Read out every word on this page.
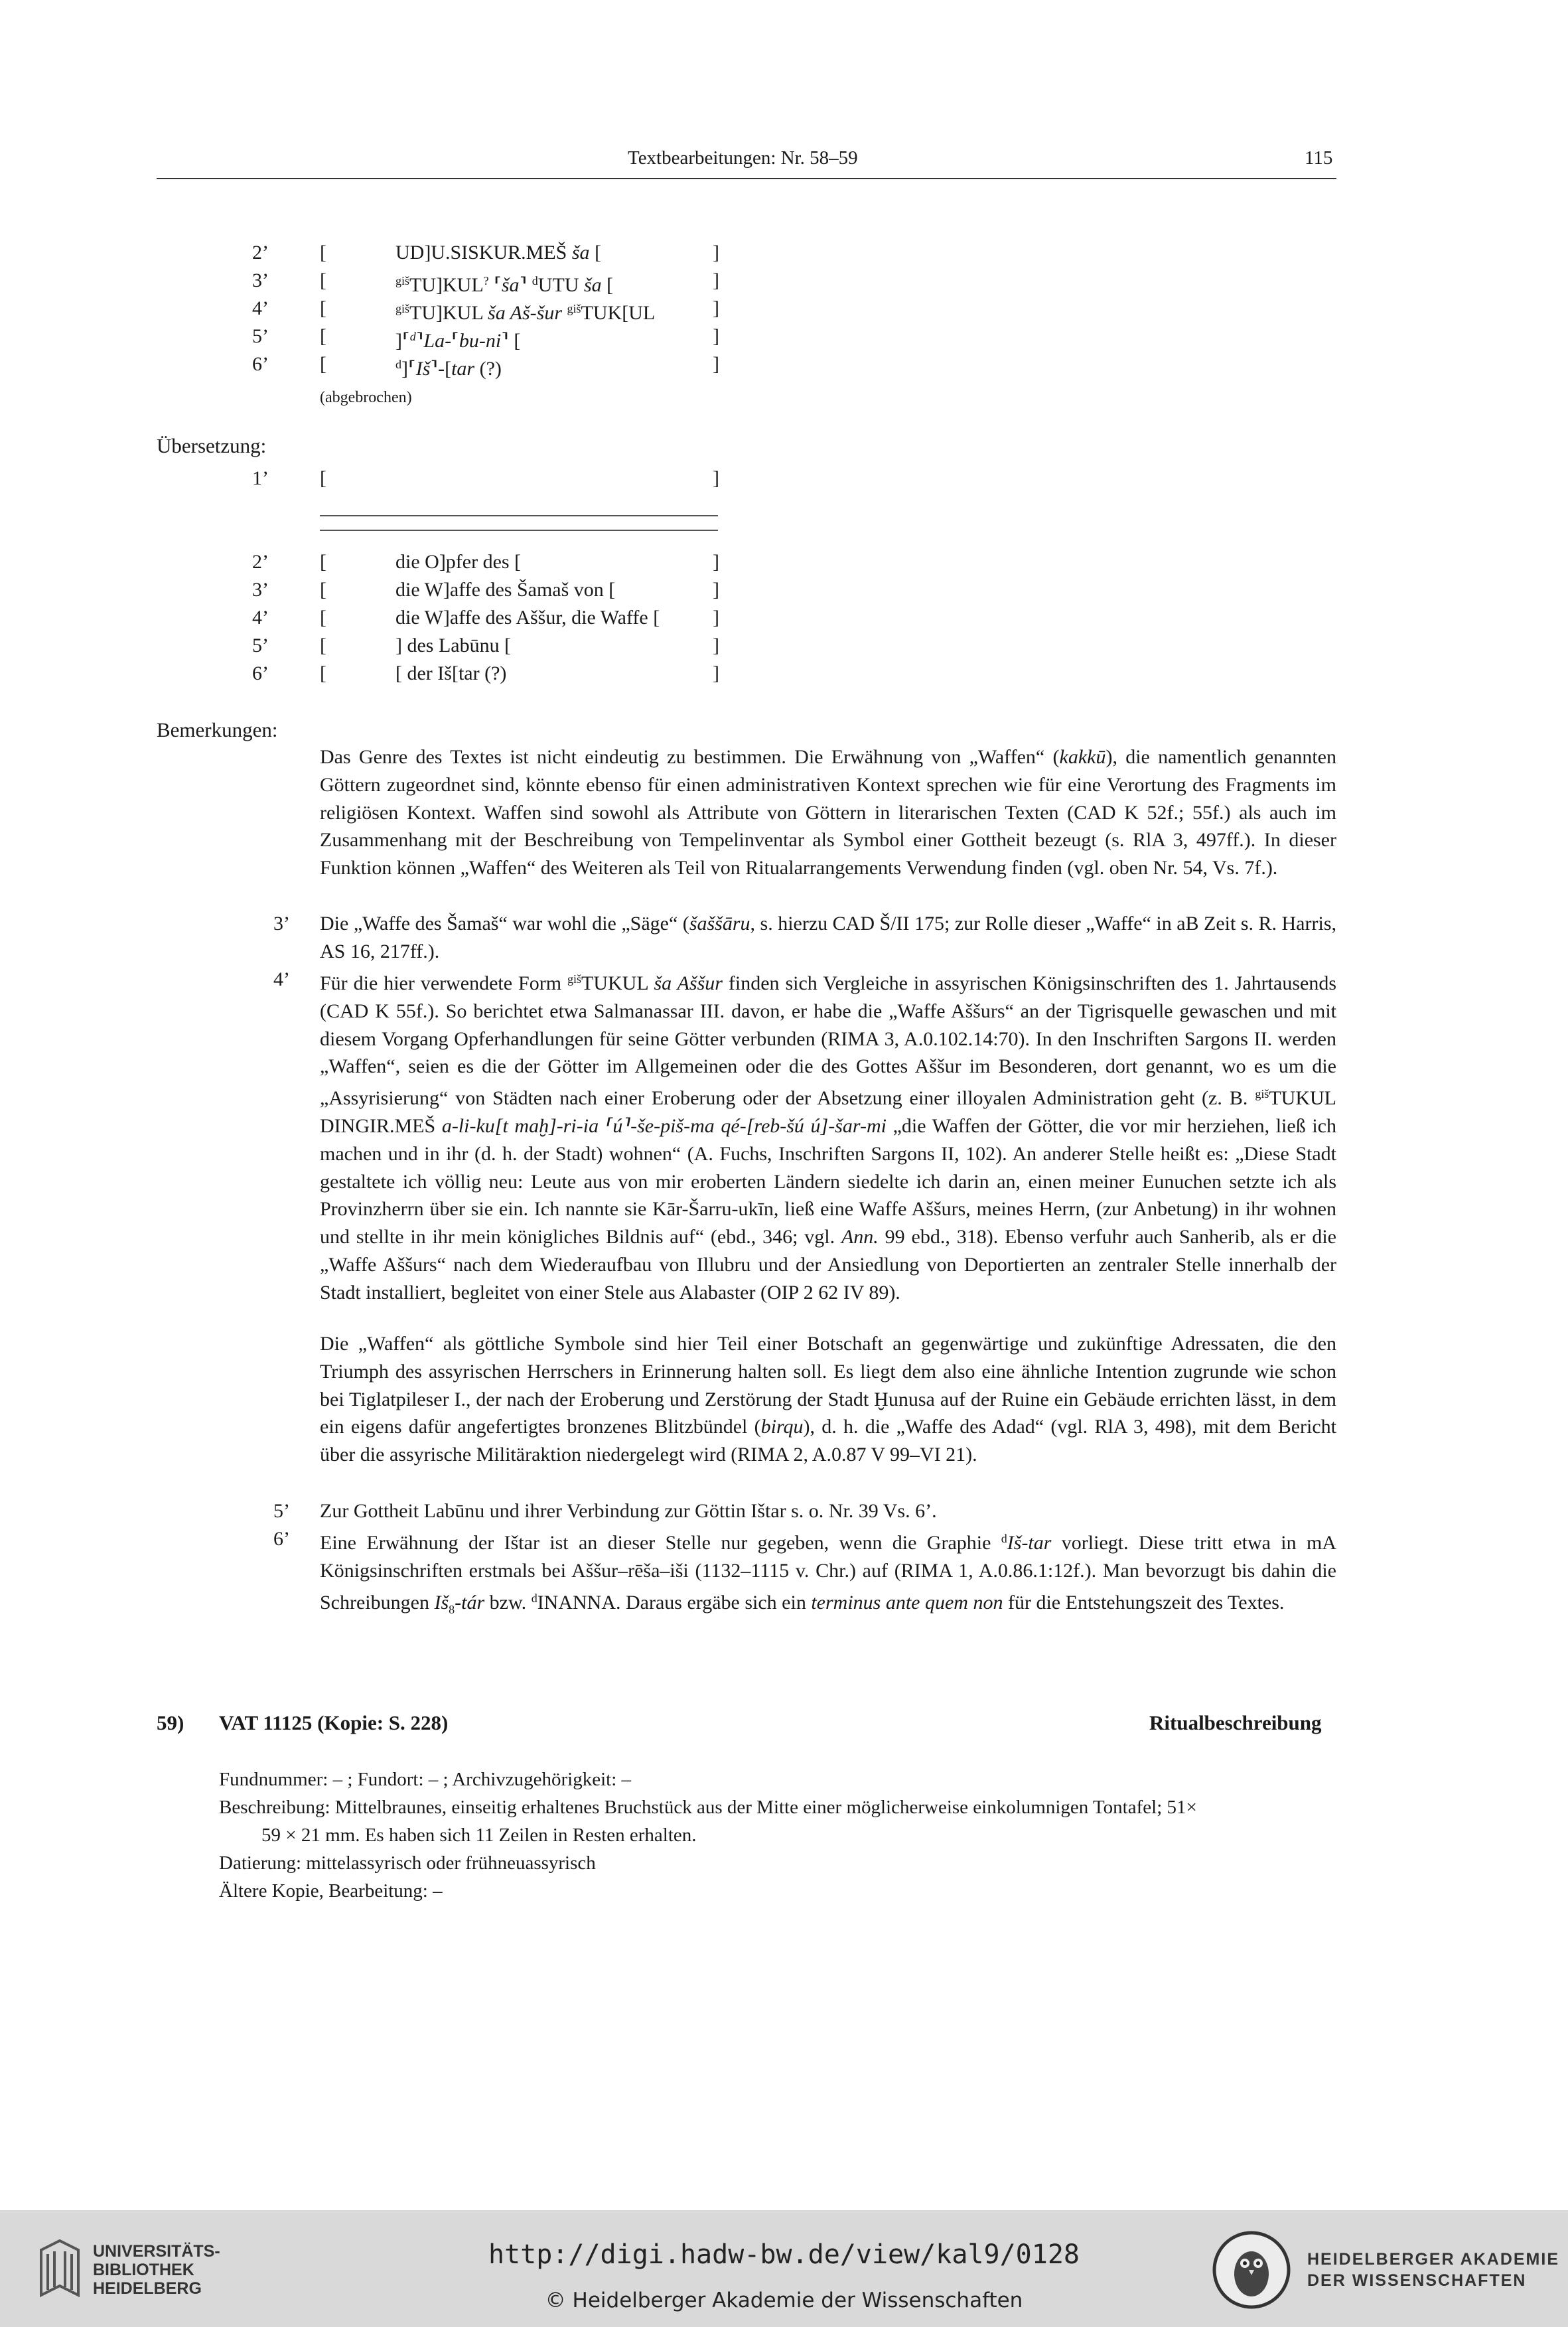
Textbearbeitungen: Nr. 58–59	115
2’	[	UD]U.SISKUR.MEŠ ša [	]
3’	[	$^{giš}$TU]KUL? ⸢ša⸣ $^d$UTU ša [	]
4’	[	$^{giš}$TU]KUL ša Aš-šur $^{giš}$TUK[UL	]
5’	[	]⸢$^d$⸣La-⸢bu-ni⸣ [	]
6’	[	$^d$]⸢Iš⸣-[tar (?)	]
(abgebrochen)
Übersetzung:
1’	[	]
2’	[	die O]pfer des [	]
3’	[	die W]affe des Šamaš von [	]
4’	[	die W]affe des Aššur, die Waffe [	]
5’	[	] des Labūnu [	]
6’	[	[ der Iš[tar (?)	]
Bemerkungen:
Das Genre des Textes ist nicht eindeutig zu bestimmen. Die Erwähnung von „Waffen“ (kakkū), die namentlich genannten Göttern zugeordnet sind, könnte ebenso für einen administrativen Kontext sprechen wie für eine Verortung des Fragments im religiösen Kontext. Waffen sind sowohl als Attribute von Göttern in literarischen Texten (CAD K 52f.; 55f.) als auch im Zusammenhang mit der Beschreibung von Tempelinventar als Symbol einer Gottheit bezeugt (s. RlA 3, 497ff.). In dieser Funktion können „Waffen“ des Weiteren als Teil von Ritualarrangements Verwendung finden (vgl. oben Nr. 54, Vs. 7f.).
3’ Die „Waffe des Šamaš“ war wohl die „Säge“ (šaššāru, s. hierzu CAD Š/II 175; zur Rolle dieser „Waffe“ in aB Zeit s. R. Harris, AS 16, 217ff.).
4’ Für die hier verwendete Form $^{giš}$TUKUL ša Aššur finden sich Vergleiche in assyrischen Königsinschriften des 1. Jahrtausends (CAD K 55f.). So berichtet etwa Salmanassar III. davon, er habe die „Waffe Aššurs“ an der Tigrisquelle gewaschen und mit diesem Vorgang Opferhandlungen für seine Götter verbunden (RIMA 3, A.0.102.14:70). In den Inschriften Sargons II. werden „Waffen“, seien es die der Götter im Allgemeinen oder die des Gottes Aššur im Besonderen, dort genannt, wo es um die „Assyrisierung“ von Städten nach einer Eroberung oder der Absetzung einer illoyalen Administration geht (z. B. $^{giš}$TUKUL DINGIR.MEŠ a-li-ku[t maḫ]-ri-ia ⸢ú⸣-še-piš-ma qé-[reb-šú ú]-šar-mi „die Waffen der Götter, die vor mir herziehen, ließ ich machen und in ihr (d. h. der Stadt) wohnen“ (A. Fuchs, Inschriften Sargons II, 102). An anderer Stelle heißt es: „Diese Stadt gestaltete ich völlig neu: Leute aus von mir eroberten Ländern siedelte ich darin an, einen meiner Eunuchen setzte ich als Provinzherrn über sie ein. Ich nannte sie Kār-Šarru-ukīn, ließ eine Waffe Aššurs, meines Herrn, (zur Anbetung) in ihr wohnen und stellte in ihr mein königliches Bildnis auf“ (ebd., 346; vgl. Ann. 99 ebd., 318). Ebenso verfuhr auch Sanherib, als er die „Waffe Aššurs“ nach dem Wiederaufbau von Illubru und der Ansiedlung von Deportierten an zentraler Stelle innerhalb der Stadt installiert, begleitet von einer Stele aus Alabaster (OIP 2 62 IV 89).
Die „Waffen“ als göttliche Symbole sind hier Teil einer Botschaft an gegenwärtige und zukünftige Adressaten, die den Triumph des assyrischen Herrschers in Erinnerung halten soll. Es liegt dem also eine ähnliche Intention zugrunde wie schon bei Tiglatpileser I., der nach der Eroberung und Zerstörung der Stadt Ḫunusa auf der Ruine ein Gebäude errichten lässt, in dem ein eigens dafür angefertigtes bronzenes Blitzbündel (birqu), d. h. die „Waffe des Adad“ (vgl. RlA 3, 498), mit dem Bericht über die assyrische Militäraktion niedergelegt wird (RIMA 2, A.0.87 V 99–VI 21).
5’ Zur Gottheit Labūnu und ihrer Verbindung zur Göttin Ištar s. o. Nr. 39 Vs. 6’.
6’ Eine Erwähnung der Ištar ist an dieser Stelle nur gegeben, wenn die Graphie $^d$Iš-tar vorliegt. Diese tritt etwa in mA Königsinschriften erstmals bei Aššur–rēša–iši (1132–1115 v. Chr.) auf (RIMA 1, A.0.86.1:12f.). Man bevorzugt bis dahin die Schreibungen $Iš_8$-tár bzw. $^d$INANNA. Daraus ergäbe sich ein terminus ante quem non für die Entstehungszeit des Textes.
59) VAT 11125 (Kopie: S. 228)	Ritualbeschreibung
Fundnummer: – ; Fundort: – ; Archivzugehörigkeit: –
Beschreibung: Mittelbraunes, einseitig erhaltenes Bruchstück aus der Mitte einer möglicherweise einkolumnigen Tontafel; 51×
59 × 21 mm. Es haben sich 11 Zeilen in Resten erhalten.
Datierung: mittelassyrisch oder frühneuassyrisch
Ältere Kopie, Bearbeitung: –
UNIVERSITÄTS-
BIBLIOTHEK
HEIDELBERG
http://digi.hadw-bw.de/view/kal9/0128
© Heidelberger Akademie der Wissenschaften
HEIDELBERGER AKADEMIE
DER WISSENSCHAFTEN
